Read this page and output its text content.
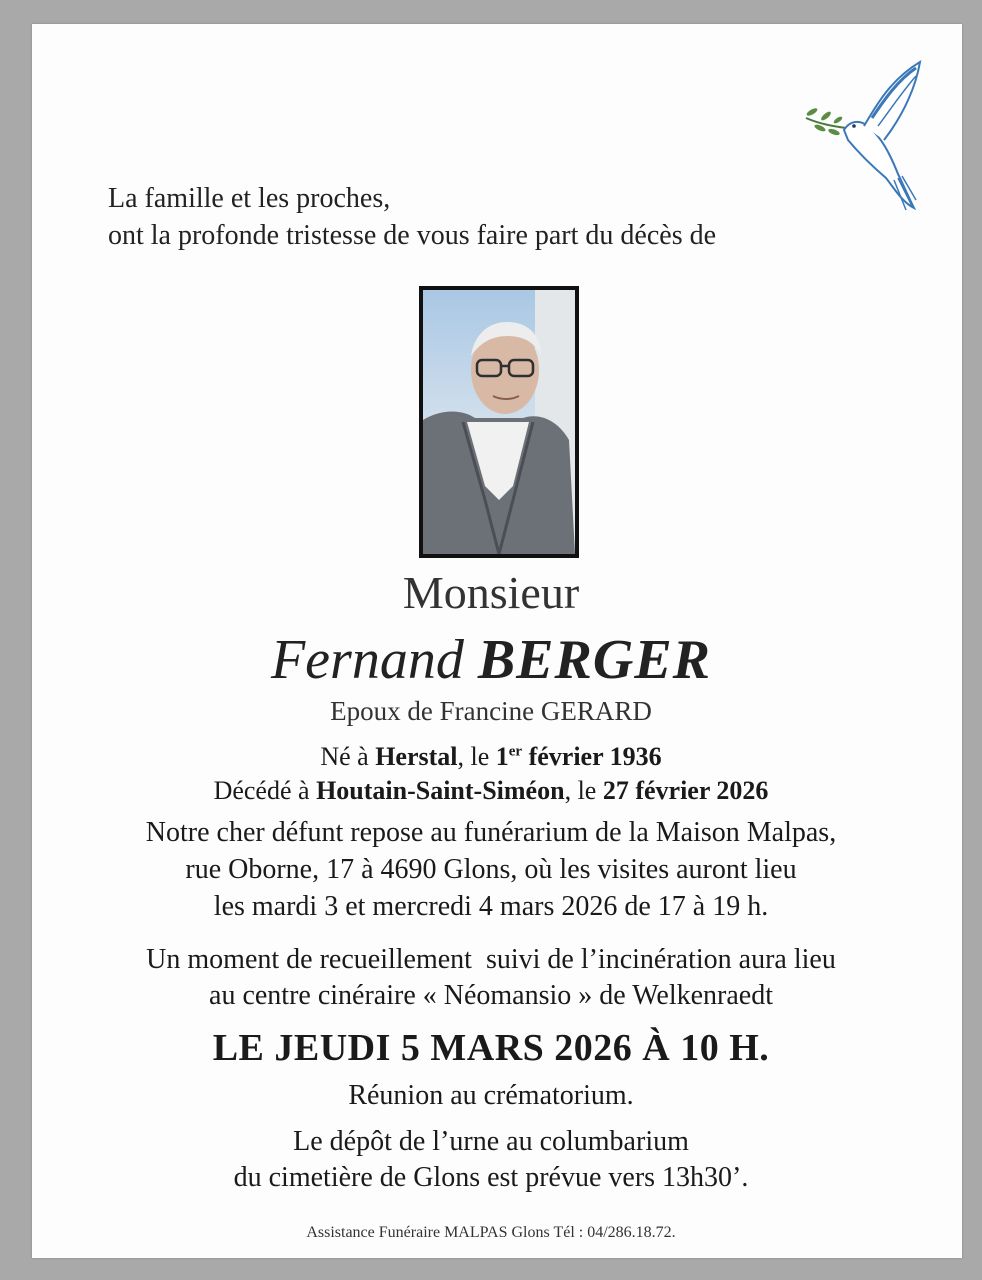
La famille et les proches,
ont la profonde tristesse de vous faire part du décès de
Monsieur
Fernand BERGER
Epoux de Francine GERARD
Né à Herstal, le 1er février 1936
Décédé à Houtain-Saint-Siméon, le 27 février 2026
Notre cher défunt repose au funérarium de la Maison Malpas,
rue Oborne, 17 à 4690 Glons, où les visites auront lieu
les mardi 3 et mercredi 4 mars 2026 de 17 à 19 h.
Un moment de recueillement  suivi de l’incinération aura lieu
au centre cinéraire « Néomansio » de Welkenraedt
LE JEUDI 5 MARS 2026 À 10 H.
Réunion au crématorium.
Le dépôt de l’urne au columbarium
du cimetière de Glons est prévue vers 13h30’.
Assistance Funéraire MALPAS Glons Tél : 04/286.18.72.
